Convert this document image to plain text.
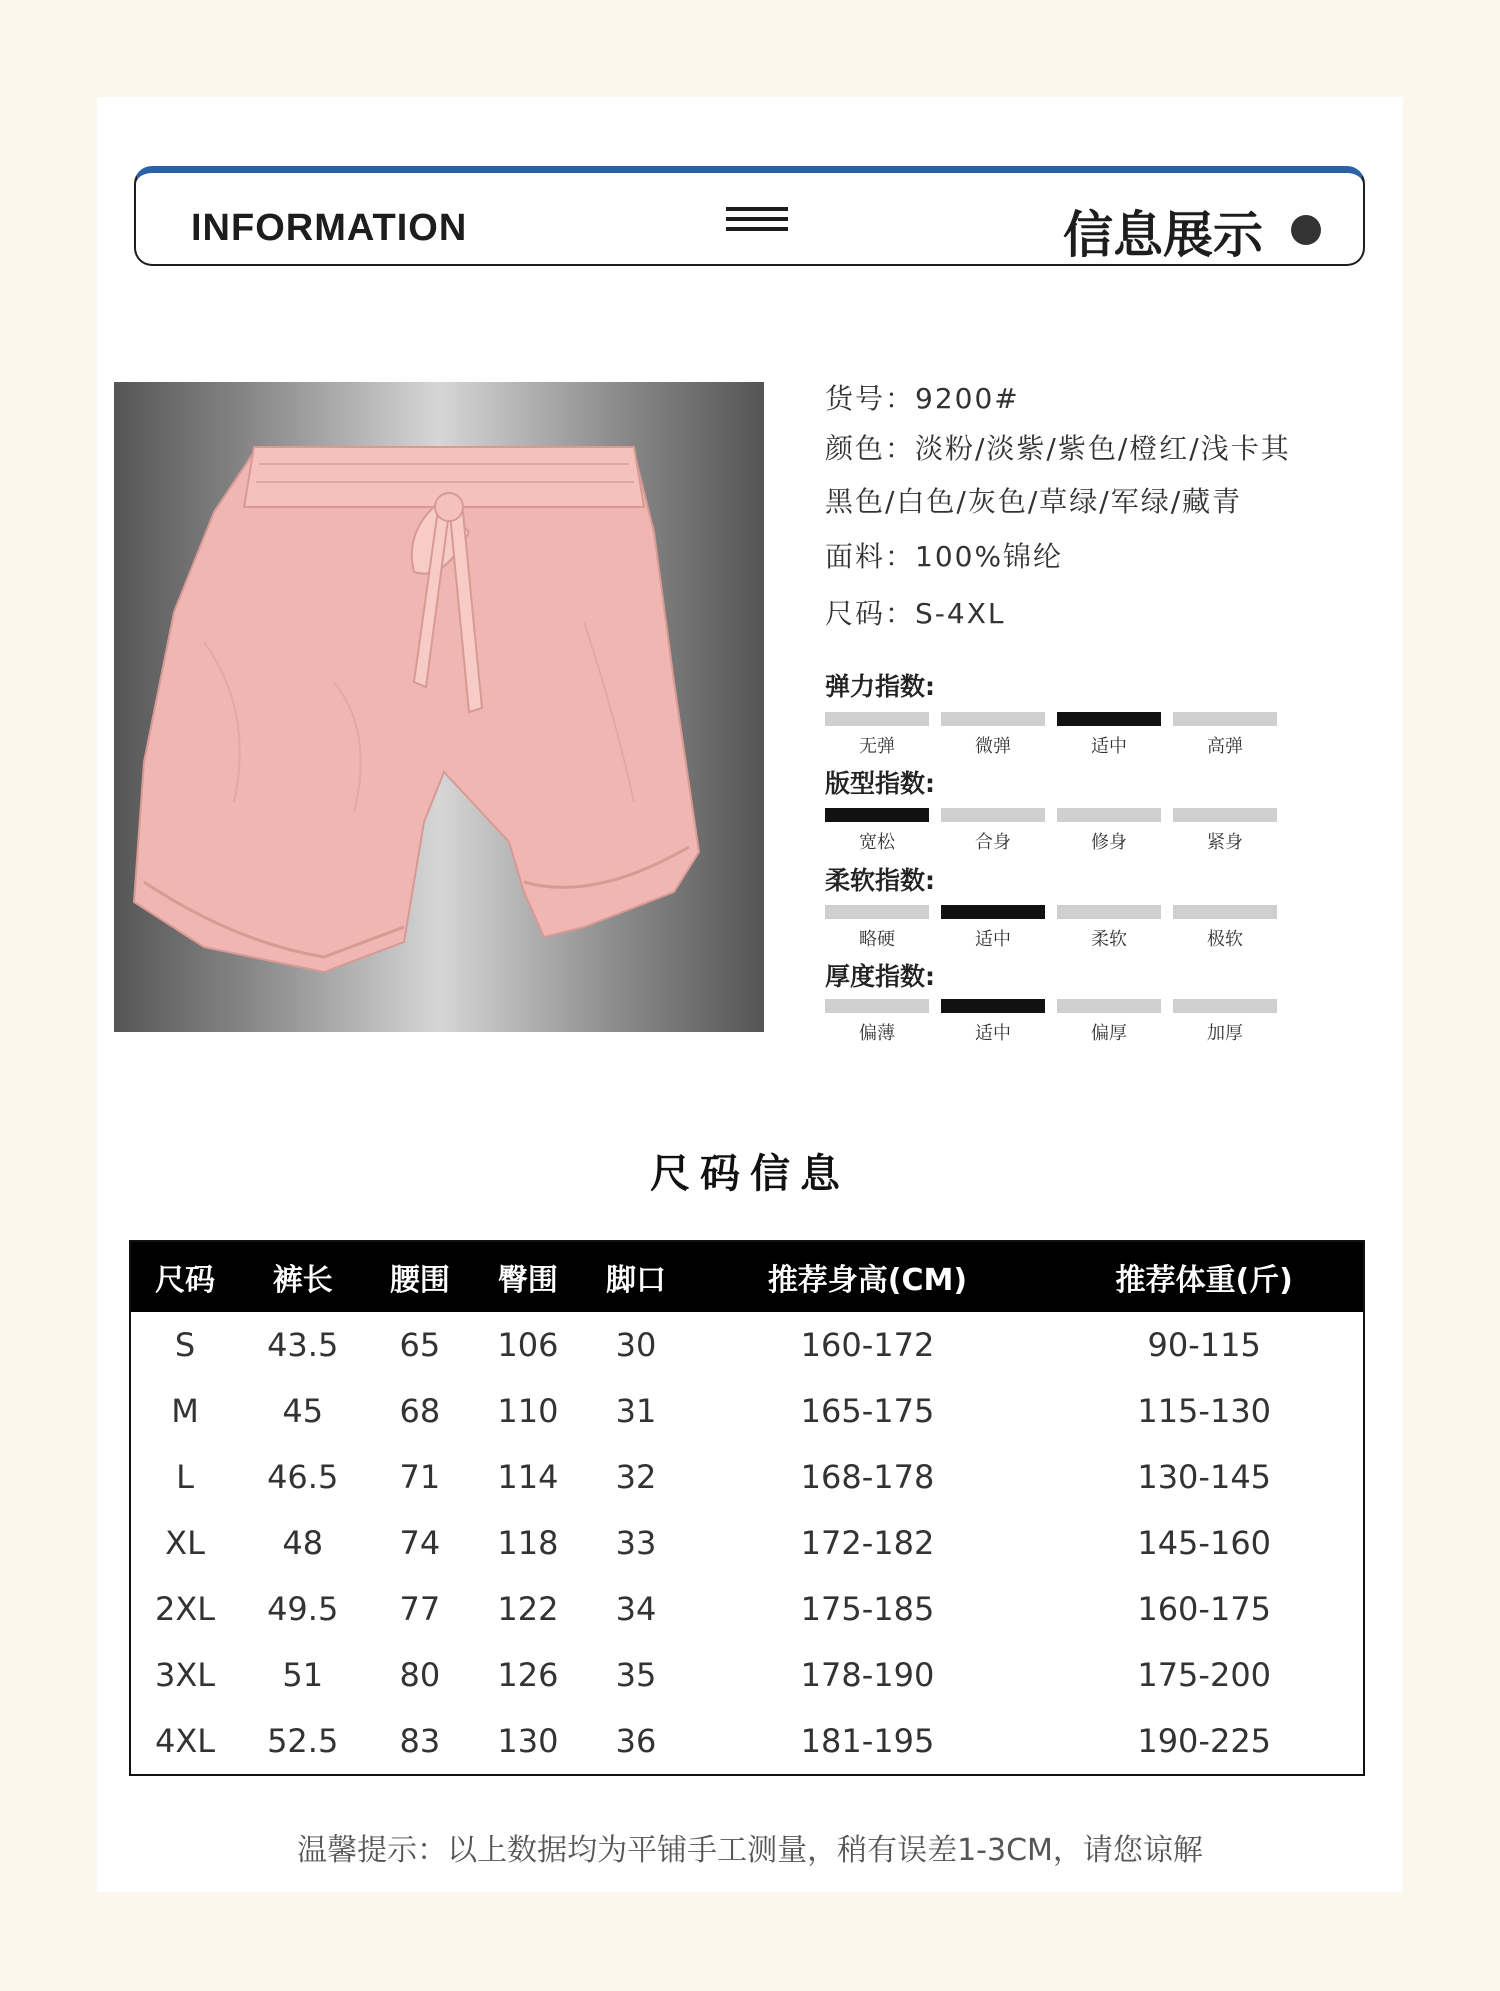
INFORMATION	信息展示
货号：9200#
颜色：淡粉/淡紫/紫色/橙红/浅卡其
黑色/白色/灰色/草绿/军绿/藏青
面料：100%锦纶
尺码：S-4XL
弹力指数:
无弹	微弹	适中	高弹
版型指数:
宽松	合身	修身	紧身
柔软指数:
略硬	适中	柔软	极软
厚度指数:
偏薄	适中	偏厚	加厚
尺码信息
尺码	裤长	腰围	臀围	脚口	推荐身高(CM)	推荐体重(斤)
S	43.5	65	106	30	160-172	90-115
M	45	68	110	31	165-175	115-130
L	46.5	71	114	32	168-178	130-145
XL	48	74	118	33	172-182	145-160
2XL	49.5	77	122	34	175-185	160-175
3XL	51	80	126	35	178-190	175-200
4XL	52.5	83	130	36	181-195	190-225
温馨提示：以上数据均为平铺手工测量，稍有误差1-3CM，请您谅解
